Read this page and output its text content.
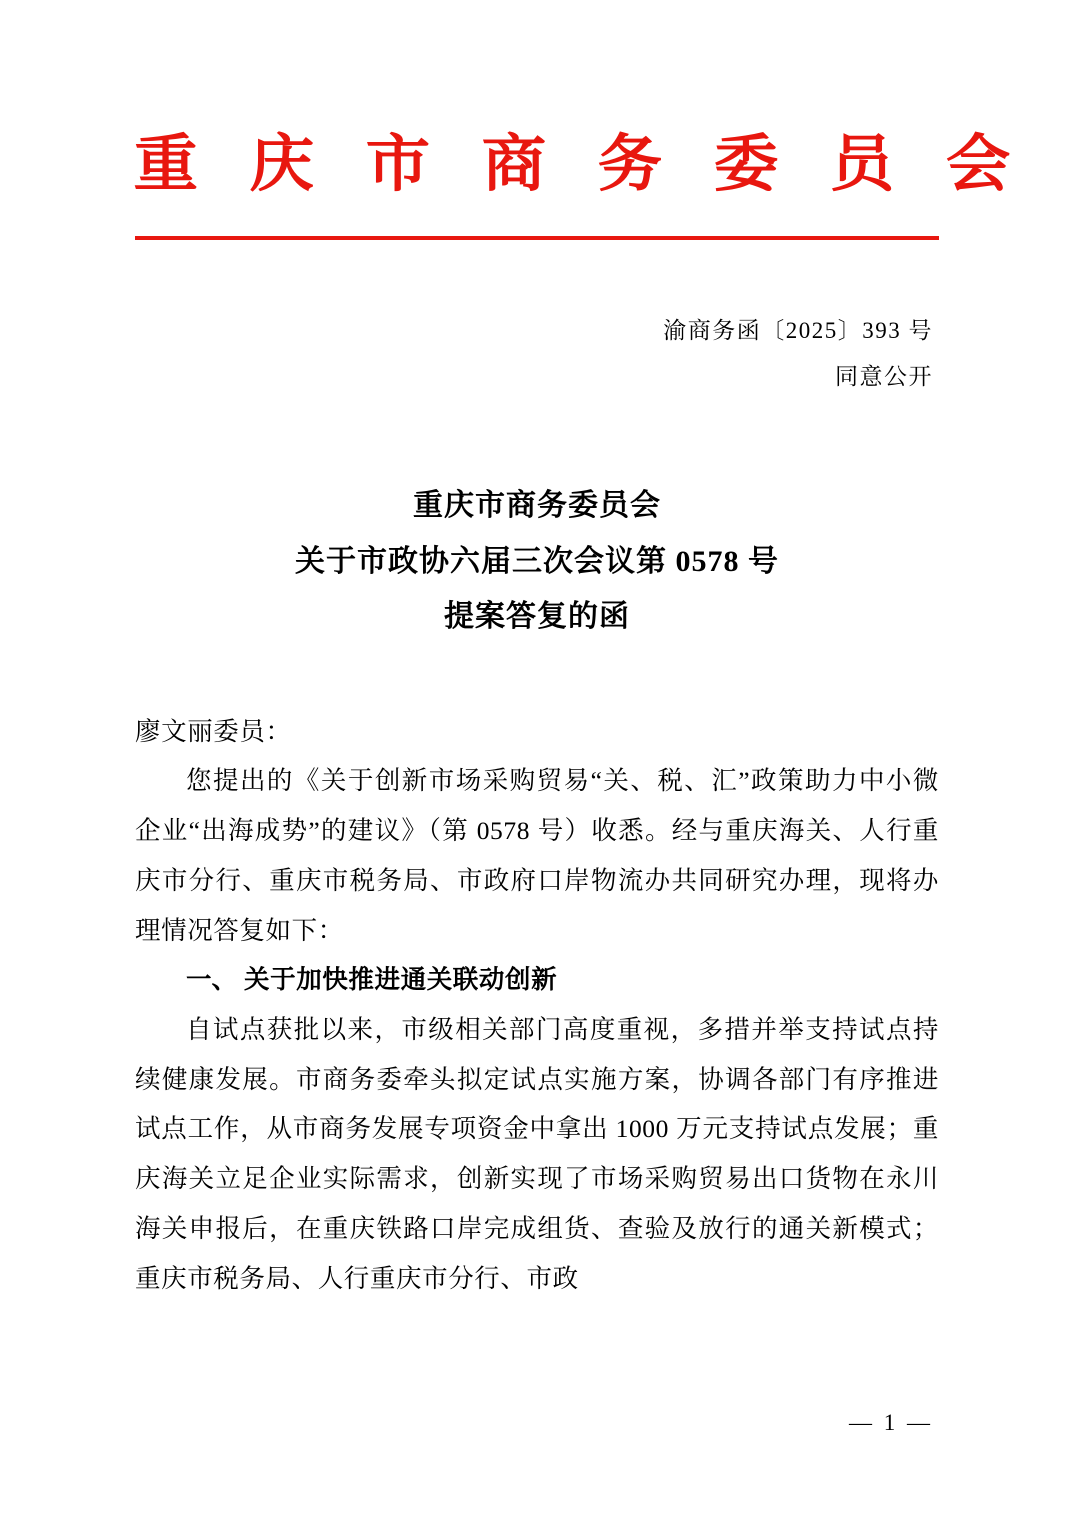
重 庆 市 商 务 委 员 会
渝商务函〔2025〕393 号
同意公开
重庆市商务委员会
关于市政协六届三次会议第 0578 号
提案答复的函

廖文丽委员：

您提出的《关于创新市场采购贸易“关、税、汇”政策助力中小微企业“出海成势”的建议》（第 0578 号）收悉。经与重庆海关、人行重庆市分行、重庆市税务局、市政府口岸物流办共同研究办理，现将办理情况答复如下：

一、 关于加快推进通关联动创新

自试点获批以来，市级相关部门高度重视，多措并举支持试点持续健康发展。市商务委牵头拟定试点实施方案，协调各部门有序推进试点工作，从市商务发展专项资金中拿出 1000 万元支持试点发展；重庆海关立足企业实际需求，创新实现了市场采购贸易出口货物在永川海关申报后，在重庆铁路口岸完成组货、查验及放行的通关新模式；重庆市税务局、人行重庆市分行、市政

— 1 —
